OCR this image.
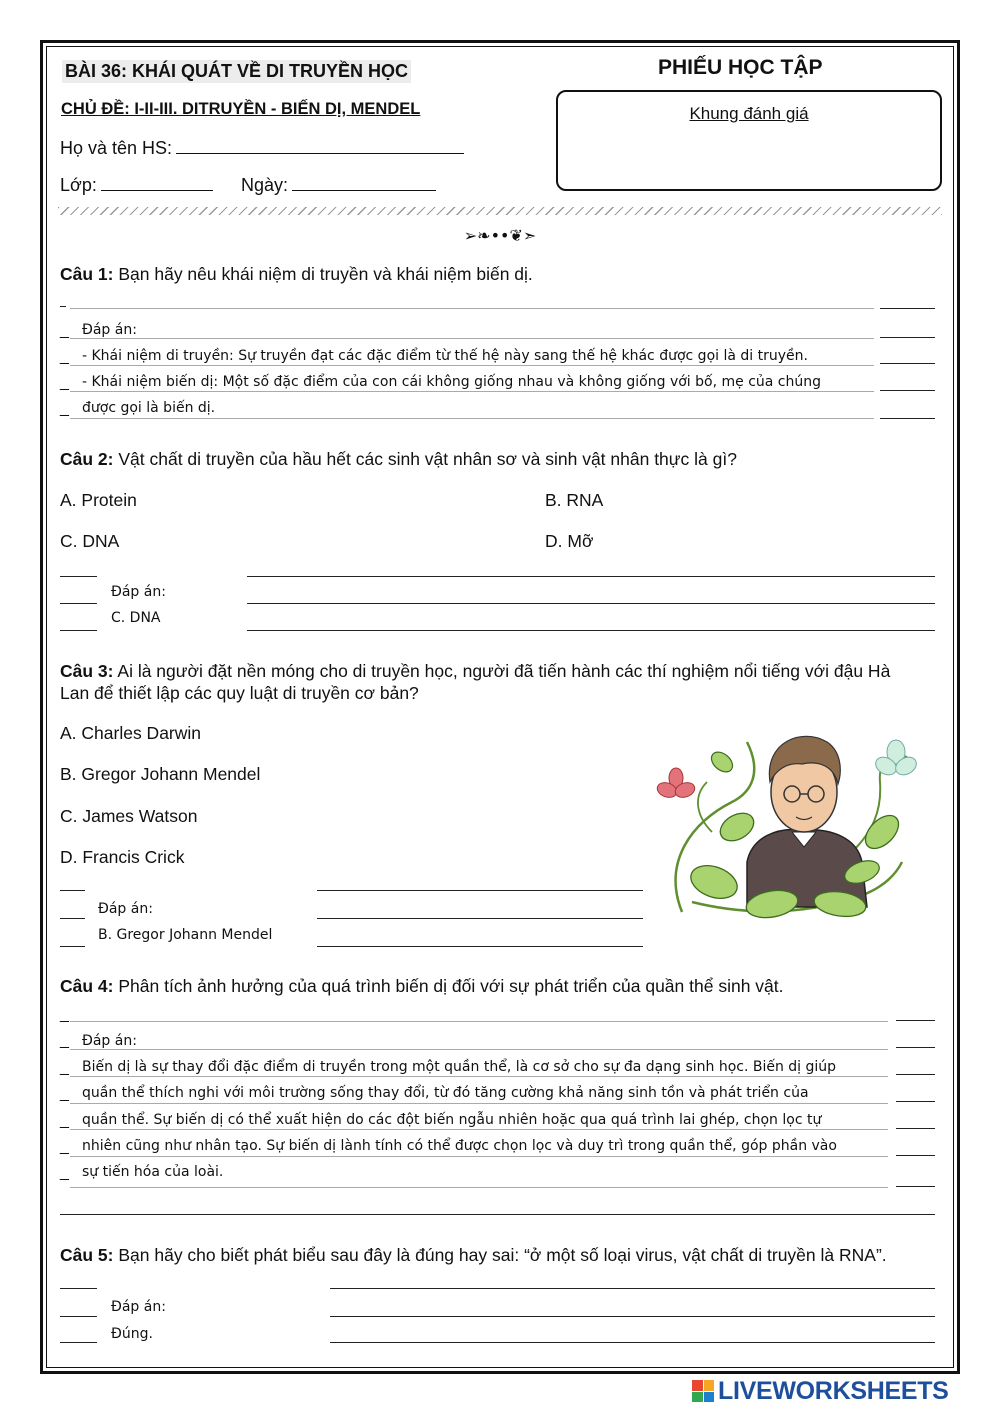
BÀI 36: KHÁI QUÁT VỀ DI TRUYỀN HỌC	PHIẾU HỌC TẬP
CHỦ ĐỀ: I-II-III. DITRUYỀN - BIẾN DỊ, MENDEL
Họ và tên HS:
Lớp:	Ngày:
Khung đánh giá
➢❧••❦➣
Câu 1: Bạn hãy nêu khái niệm di truyền và khái niệm biến dị.
_ Đáp án:
_ - Khái niệm di truyền: Sự truyền đạt các đặc điểm từ thế hệ này sang thế hệ khác được gọi là di truyền.
_ - Khái niệm biến dị: Một số đặc điểm của con cái không giống nhau và không giống với bố, mẹ của chúng
_ được gọi là biến dị.
Câu 2: Vật chất di truyền của hầu hết các sinh vật nhân sơ và sinh vật nhân thực là gì?
A. Protein	B. RNA
C. DNA	D. Mỡ
Đáp án:
C. DNA
Câu 3: Ai là người đặt nền móng cho di truyền học, người đã tiến hành các thí nghiệm nổi tiếng với đậu Hà
Lan để thiết lập các quy luật di truyền cơ bản?
A. Charles Darwin
B. Gregor Johann Mendel
C. James Watson
D. Francis Crick
Đáp án:
B. Gregor Johann Mendel
Câu 4: Phân tích ảnh hưởng của quá trình biến dị đối với sự phát triển của quần thể sinh vật.
_
_ Đáp án:
_ Biến dị là sự thay đổi đặc điểm di truyền trong một quần thể, là cơ sở cho sự đa dạng sinh học. Biến dị giúp
_ quần thể thích nghi với môi trường sống thay đổi, từ đó tăng cường khả năng sinh tồn và phát triển của
_ quần thể. Sự biến dị có thể xuất hiện do các đột biến ngẫu nhiên hoặc qua quá trình lai ghép, chọn lọc tự
_ nhiên cũng như nhân tạo. Sự biến dị lành tính có thể được chọn lọc và duy trì trong quần thể, góp phần vào
_ sự tiến hóa của loài.
Câu 5: Bạn hãy cho biết phát biểu sau đây là đúng hay sai: “ở một số loại virus, vật chất di truyền là RNA”.
Đáp án:
Đúng.
LIVEWORKSHEETS
